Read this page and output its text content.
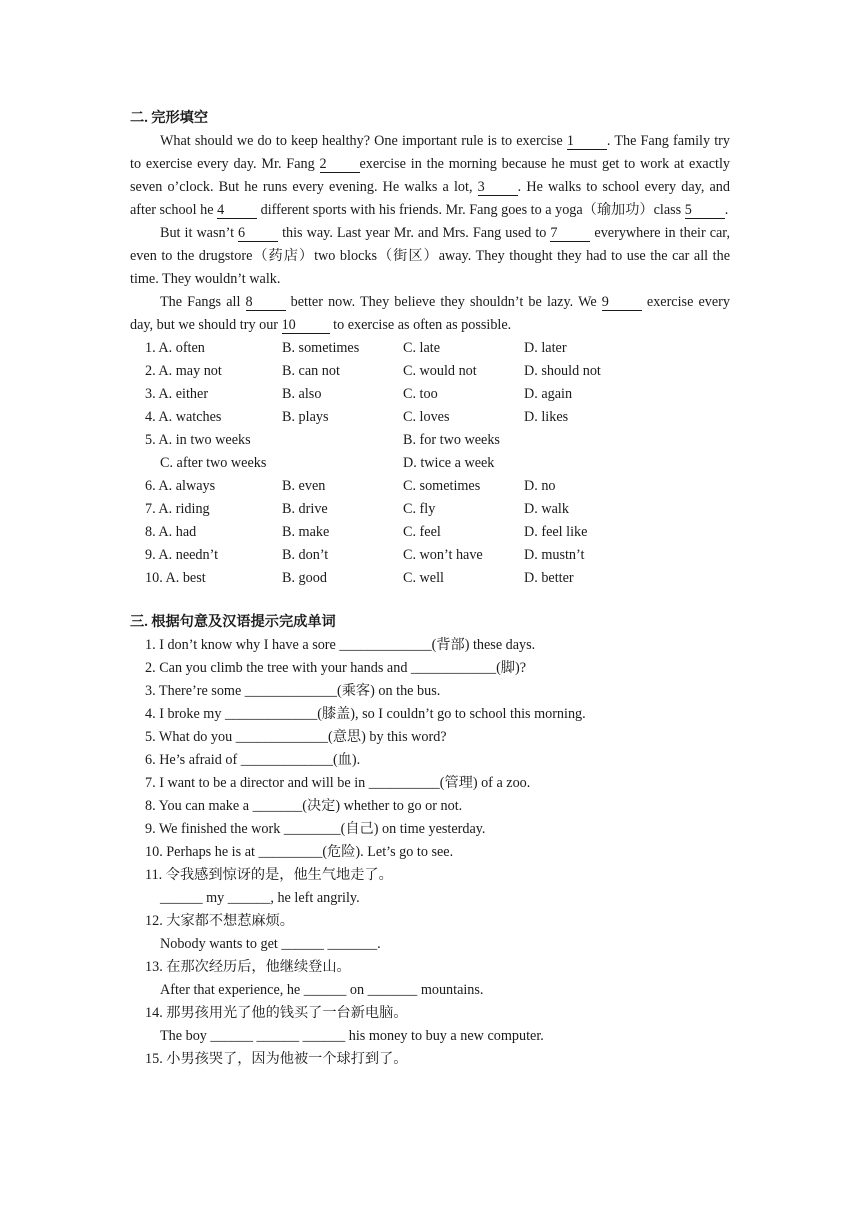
二. 完形填空
What should we do to keep healthy? One important rule is to exercise 1 . The Fang family try to exercise every day. Mr. Fang 2 exercise in the morning because he must get to work at exactly seven o’clock. But he runs every evening. He walks a lot, 3 . He walks to school every day, and after school he 4 different sports with his friends. Mr. Fang goes to a yoga（瑜加功）class 5 .
But it wasn’t 6 this way. Last year Mr. and Mrs. Fang used to 7 everywhere in their car, even to the drugstore（药店）two blocks（街区）away. They thought they had to use the car all the time. They wouldn’t walk.
The Fangs all 8 better now. They believe they shouldn’t be lazy. We 9 exercise every day, but we should try our 10 to exercise as often as possible.
1. A. often	B. sometimes	C. late	D. later
2. A. may not	B. can not	C. would not	D. should not
3. A. either	B. also	C. too	D. again
4. A. watches	B. plays	C. loves	D. likes
5. A. in two weeks	B. for two weeks
C. after two weeks	D. twice a week
6. A. always	B. even	C. sometimes	D. no
7. A. riding	B. drive	C. fly	D. walk
8. A. had	B. make	C. feel	D. feel like
9. A. needn’t	B. don’t	C. won’t have	D. mustn’t
10. A. best	B. good	C. well	D. better
三. 根据句意及汉语提示完成单词
1. I don’t know why I have a sore _____________(背部) these days.
2. Can you climb the tree with your hands and ____________(脚)?
3. There’re some _____________(乘客) on the bus.
4. I broke my _____________(膝盖), so I couldn’t go to school this morning.
5. What do you _____________(意思) by this word?
6. He’s afraid of _____________(血).
7. I want to be a director and will be in __________(管理) of a zoo.
8. You can make a _______(决定) whether to go or not.
9. We finished the work ________(自己) on time yesterday.
10. Perhaps he is at _________(危险). Let’s go to see.
11. 令我感到惊讶的是，他生气地走了。
______ my ______, he left angrily.
12. 大家都不想惹麻烦。
Nobody wants to get ______ _______.
13. 在那次经历后，他继续登山。
After that experience, he ______ on _______ mountains.
14. 那男孩用光了他的钱买了一台新电脑。
The boy ______ ______ ______ his money to buy a new computer.
15. 小男孩哭了，因为他被一个球打到了。
